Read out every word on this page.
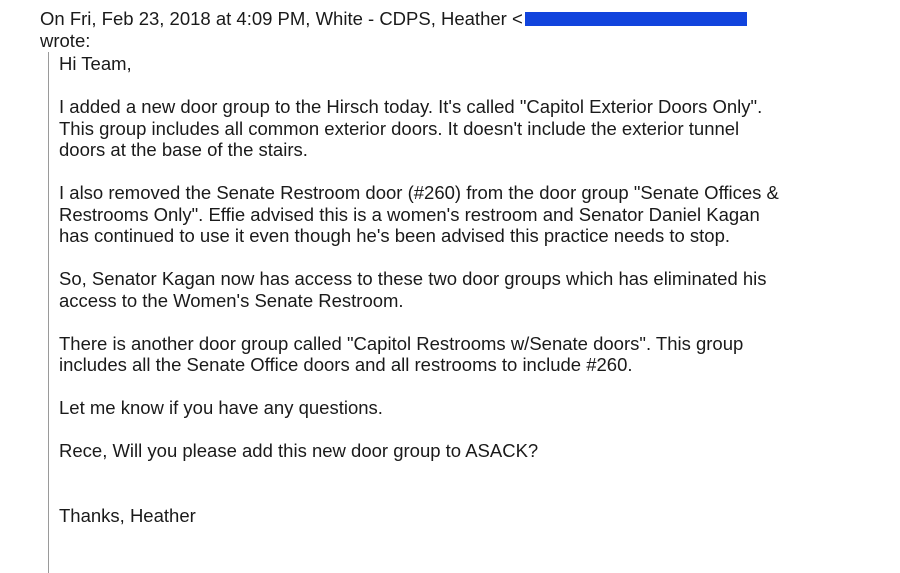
On Fri, Feb 23, 2018 at 4:09 PM, White - CDPS, Heather <
wrote:
Hi Team,
I added a new door group to the Hirsch today. It's called "Capitol Exterior Doors Only".
This group includes all common exterior doors. It doesn't include the exterior tunnel
doors at the base of the stairs.
I also removed the Senate Restroom door (#260) from the door group "Senate Offices &
Restrooms Only". Effie advised this is a women's restroom and Senator Daniel Kagan
has continued to use it even though he's been advised this practice needs to stop.
So, Senator Kagan now has access to these two door groups which has eliminated his
access to the Women's Senate Restroom.
There is another door group called "Capitol Restrooms w/Senate doors". This group
includes all the Senate Office doors and all restrooms to include #260.
Let me know if you have any questions.
Rece, Will you please add this new door group to ASACK?
Thanks, Heather
